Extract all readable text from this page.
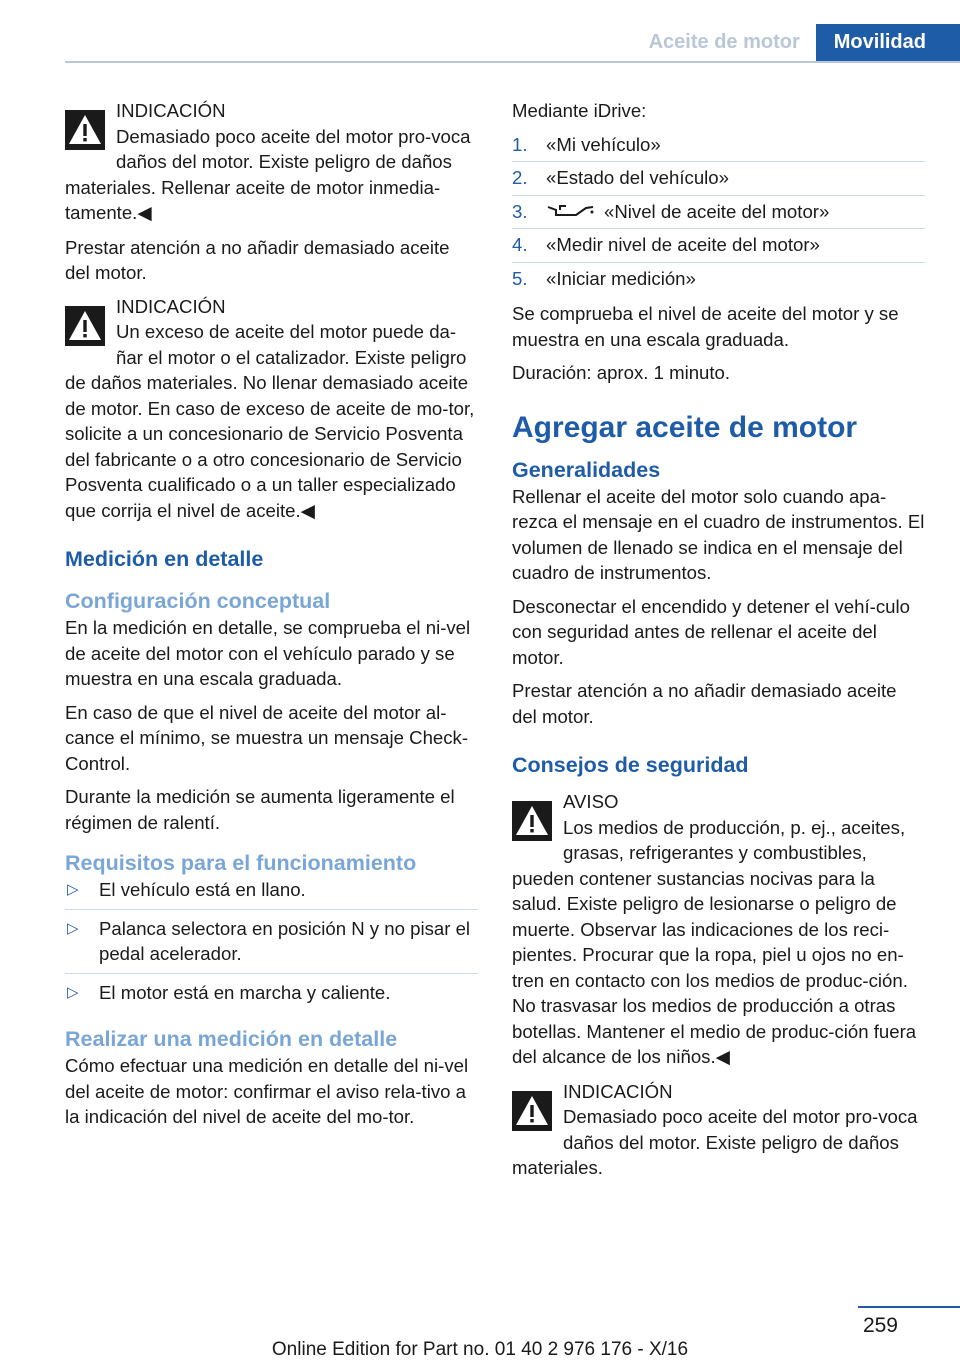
Aceite de motor	Movilidad
INDICACIÓN
Demasiado poco aceite del motor pro‐voca daños del motor. Existe peligro de daños materiales. Rellenar aceite de motor inmedia‐tamente.◀

Prestar atención a no añadir demasiado aceite del motor.

INDICACIÓN
Un exceso de aceite del motor puede da‐ñar el motor o el catalizador. Existe peligro de daños materiales. No llenar demasiado aceite de motor. En caso de exceso de aceite de mo‐tor, solicite a un concesionario de Servicio Posventa del fabricante o a otro concesionario de Servicio Posventa cualificado o a un taller especializado que corrija el nivel de aceite.◀
Medición en detalle
Configuración conceptual

En la medición en detalle, se comprueba el ni‐vel de aceite del motor con el vehículo parado y se muestra en una escala graduada.

En caso de que el nivel de aceite del motor al‐cance el mínimo, se muestra un mensaje Check-Control.

Durante la medición se aumenta ligeramente el régimen de ralentí.

Requisitos para el funcionamiento
▷ El vehículo está en llano.
▷ Palanca selectora en posición N y no pisar el pedal acelerador.
▷ El motor está en marcha y caliente.
Realizar una medición en detalle

Cómo efectuar una medición en detalle del ni‐vel del aceite de motor: confirmar el aviso rela‐tivo a la indicación del nivel de aceite del mo‐tor.

Mediante iDrive:

1. «Mi vehículo»
2. «Estado del vehículo»
3.	«Nivel de aceite del motor»
4. «Medir nivel de aceite del motor»
5. «Iniciar medición»

Se comprueba el nivel de aceite del motor y se muestra en una escala graduada.

Duración: aprox. 1 minuto.

Agregar aceite de motor
Generalidades

Rellenar el aceite del motor solo cuando apa‐rezca el mensaje en el cuadro de instrumentos. El volumen de llenado se indica en el mensaje del cuadro de instrumentos.

Desconectar el encendido y detener el vehí‐culo con seguridad antes de rellenar el aceite del motor.

Prestar atención a no añadir demasiado aceite del motor.

Consejos de seguridad
AVISO
Los medios de producción, p. ej., aceites, grasas, refrigerantes y combustibles, pueden contener sustancias nocivas para la salud. Existe peligro de lesionarse o peligro de muerte. Observar las indicaciones de los reci‐pientes. Procurar que la ropa, piel u ojos no en‐tren en contacto con los medios de produc‐ción. No trasvasar los medios de producción a otras botellas. Mantener el medio de produc‐ción fuera del alcance de los niños.◀
INDICACIÓN
Demasiado poco aceite del motor pro‐voca daños del motor. Existe peligro de daños materiales.
259
Online Edition for Part no. 01 40 2 976 176 - X/16
